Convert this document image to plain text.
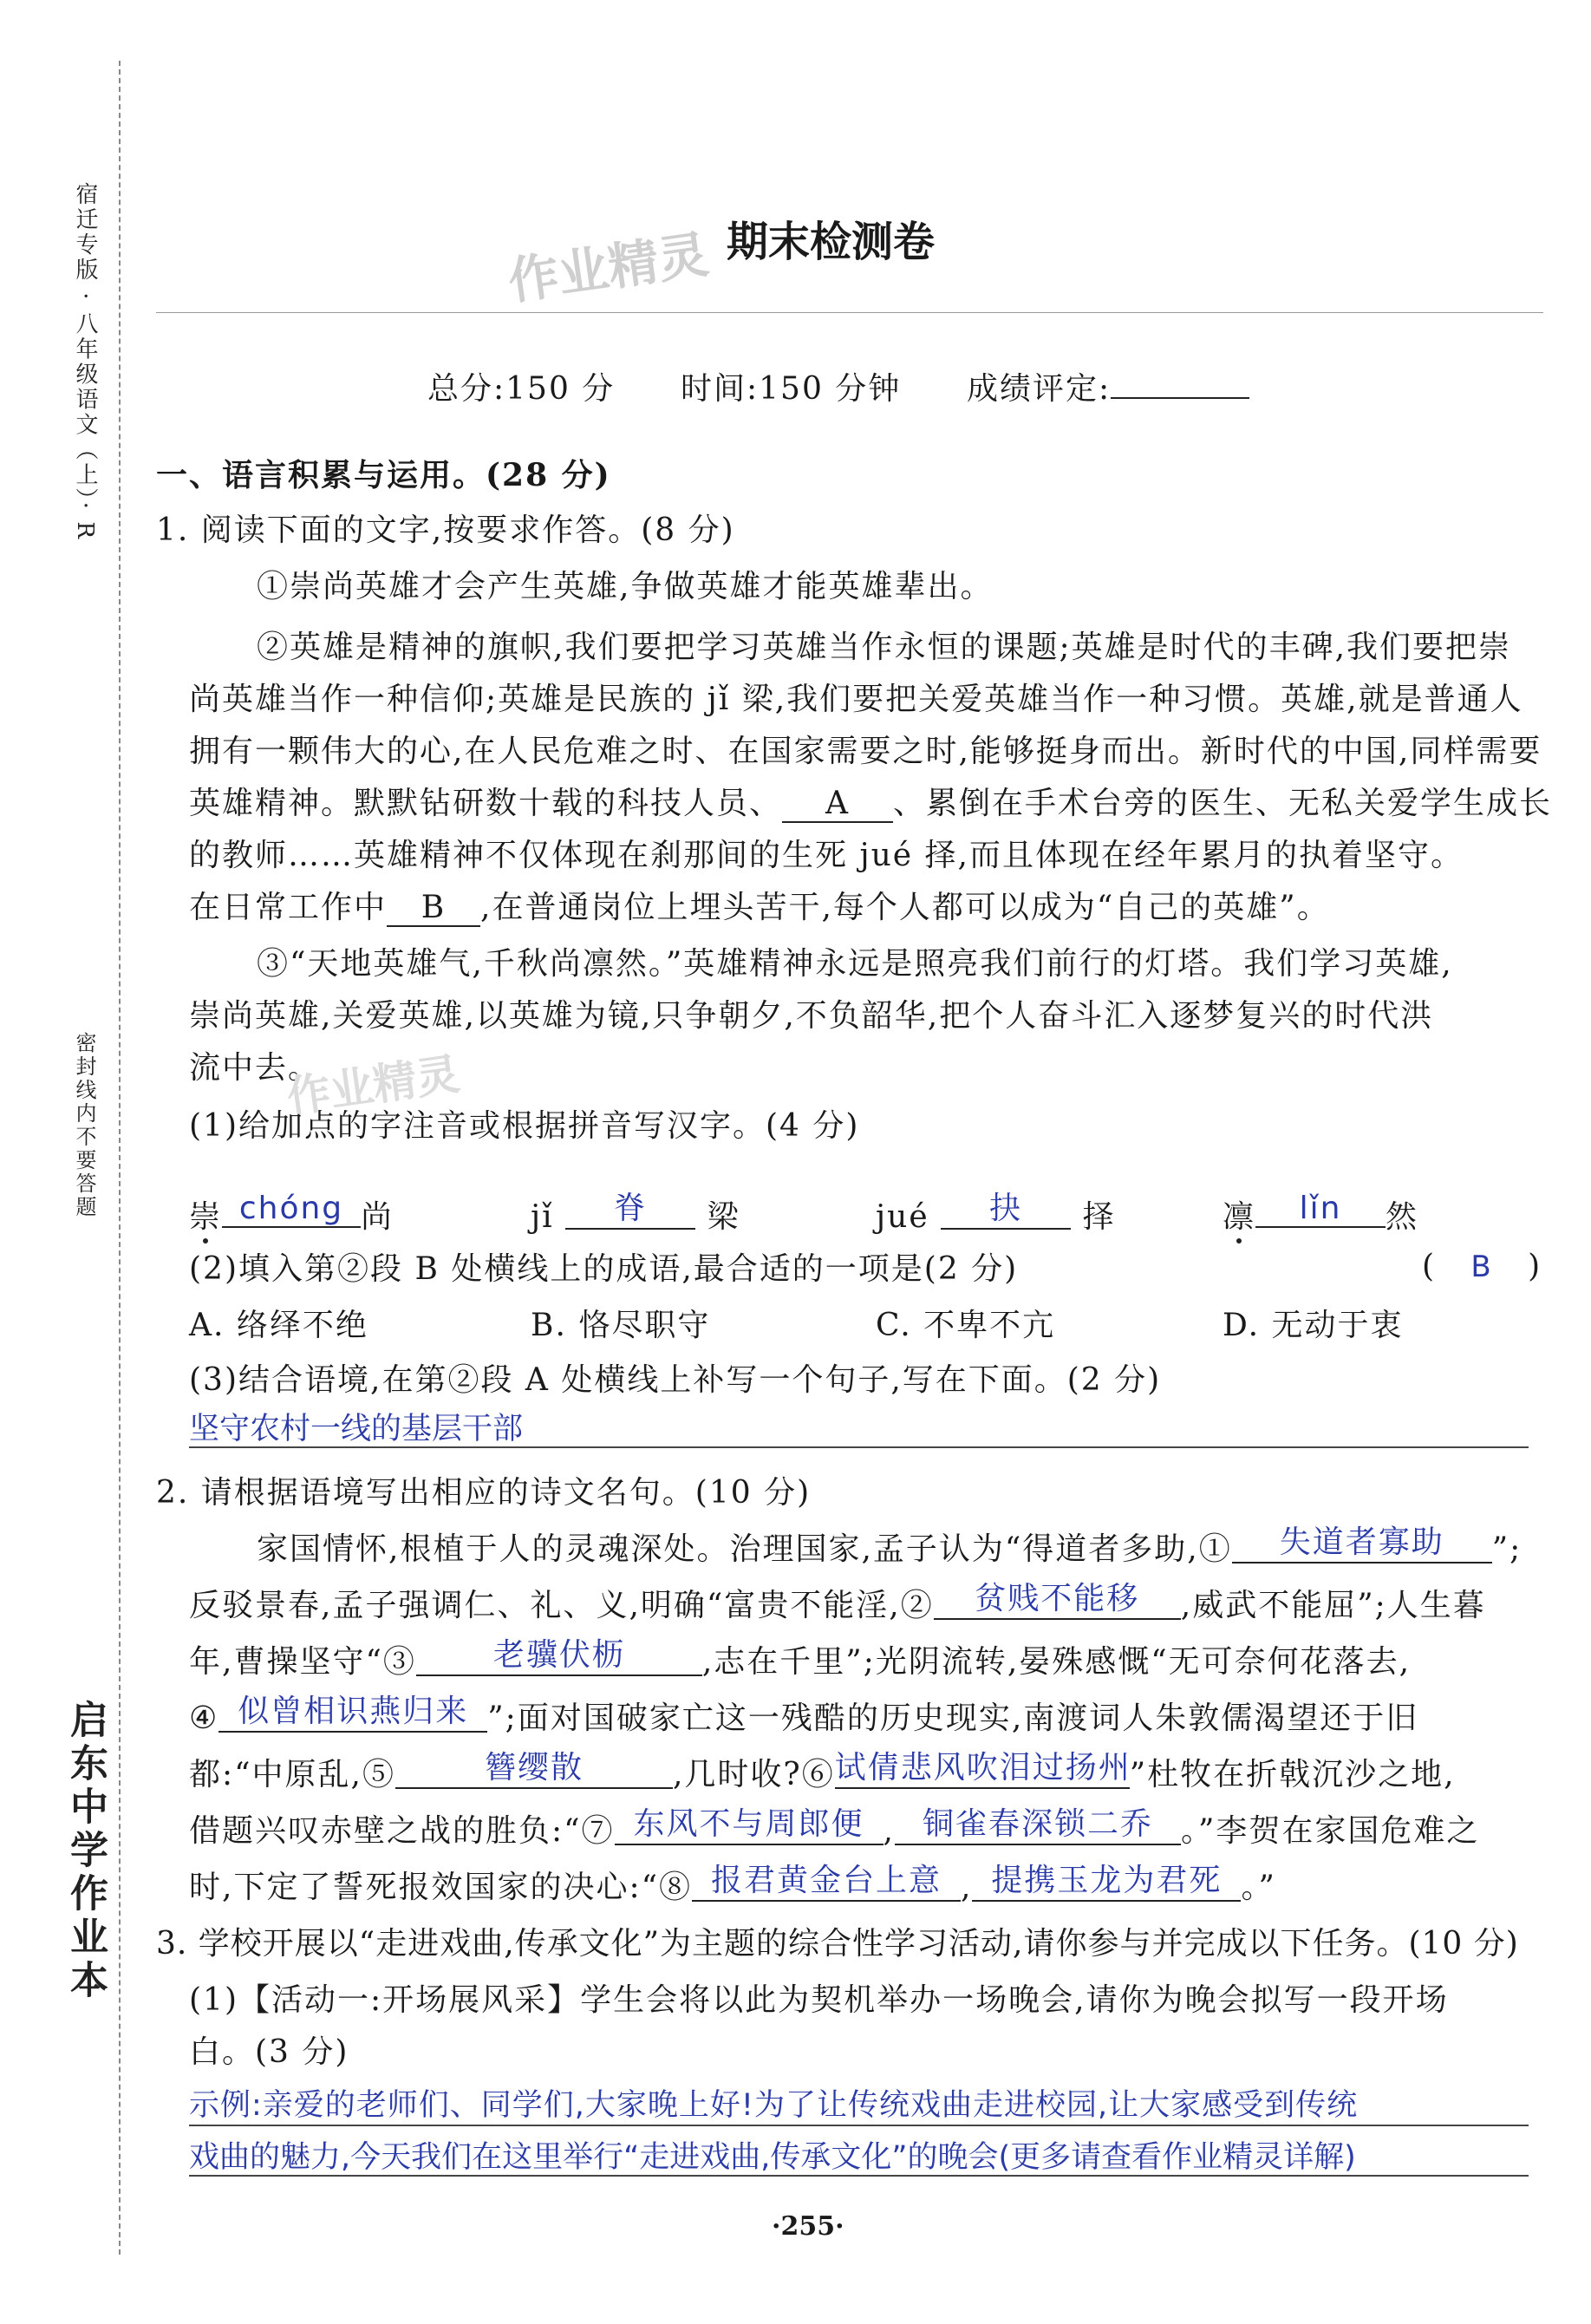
宿迁专版 · 八年级语文（上）· R
密封线内不要答题
启东中学作业本
作业精灵 期末检测卷
总分:150 分 时间:150 分钟 成绩评定:
一、语言积累与运用。(28 分)
1. 阅读下面的文字,按要求作答。(8 分)
①崇尚英雄才会产生英雄,争做英雄才能英雄辈出。
②英雄是精神的旗帜,我们要把学习英雄当作永恒的课题;英雄是时代的丰碑,我们要把崇
尚英雄当作一种信仰;英雄是民族的 jǐ 梁,我们要把关爱英雄当作一种习惯。英雄,就是普通人
拥有一颗伟大的心,在人民危难之时、在国家需要之时,能够挺身而出。新时代的中国,同样需要
英雄精神。默默钻研数十载的科技人员、 A 、累倒在手术台旁的医生、无私关爱学生成长
的教师……英雄精神不仅体现在刹那间的生死 jué 择,而且体现在经年累月的执着坚守。
在日常工作中 B ,在普通岗位上埋头苦干,每个人都可以成为“自己的英雄”。
③“天地英雄气,千秋尚凛然。”英雄精神永远是照亮我们前行的灯塔。我们学习英雄,
崇尚英雄,关爱英雄,以英雄为镜,只争朝夕,不负韶华,把个人奋斗汇入逐梦复兴的时代洪
流中去。
作业精灵
(1)给加点的字注音或根据拼音写汉字。(4 分)
崇 chóng 尚	jǐ 脊 梁	jué 抉 择	凛 lǐn 然
(2)填入第②段 B 处横线上的成语,最合适的一项是(2 分)	( B )
A. 络绎不绝	B. 恪尽职守	C. 不卑不亢	D. 无动于衷
(3)结合语境,在第②段 A 处横线上补写一个句子,写在下面。(2 分)
坚守农村一线的基层干部
2. 请根据语境写出相应的诗文名句。(10 分)
家国情怀,根植于人的灵魂深处。治理国家,孟子认为“得道者多助,① 失道者寡助 ”;
反驳景春,孟子强调仁、礼、义,明确“富贵不能淫,② 贫贱不能移 ,威武不能屈”;人生暮
年,曹操坚守“③ 老骥伏枥 ,志在千里”;光阴流转,晏殊感慨“无可奈何花落去,
④ 似曾相识燕归来 ”;面对国破家亡这一残酷的历史现实,南渡词人朱敦儒渴望还于旧
都:“中原乱,⑤	簪缨散	,几时收?⑥试倩悲风吹泪过扬州”杜牧在折戟沉沙之地,
借题兴叹赤壁之战的胜负:“⑦ 东风不与周郎便 , 铜雀春深锁二乔 。”李贺在家国危难之
时,下定了誓死报效国家的决心:“⑧ 报君黄金台上意 , 提携玉龙为君死 。”
3. 学校开展以“走进戏曲,传承文化”为主题的综合性学习活动,请你参与并完成以下任务。(10 分)
(1)【活动一:开场展风采】学生会将以此为契机举办一场晚会,请你为晚会拟写一段开场
白。(3 分)
示例:亲爱的老师们、同学们,大家晚上好!为了让传统戏曲走进校园,让大家感受到传统
戏曲的魅力,今天我们在这里举行“走进戏曲,传承文化”的晚会(更多请查看作业精灵详解)
·255·
